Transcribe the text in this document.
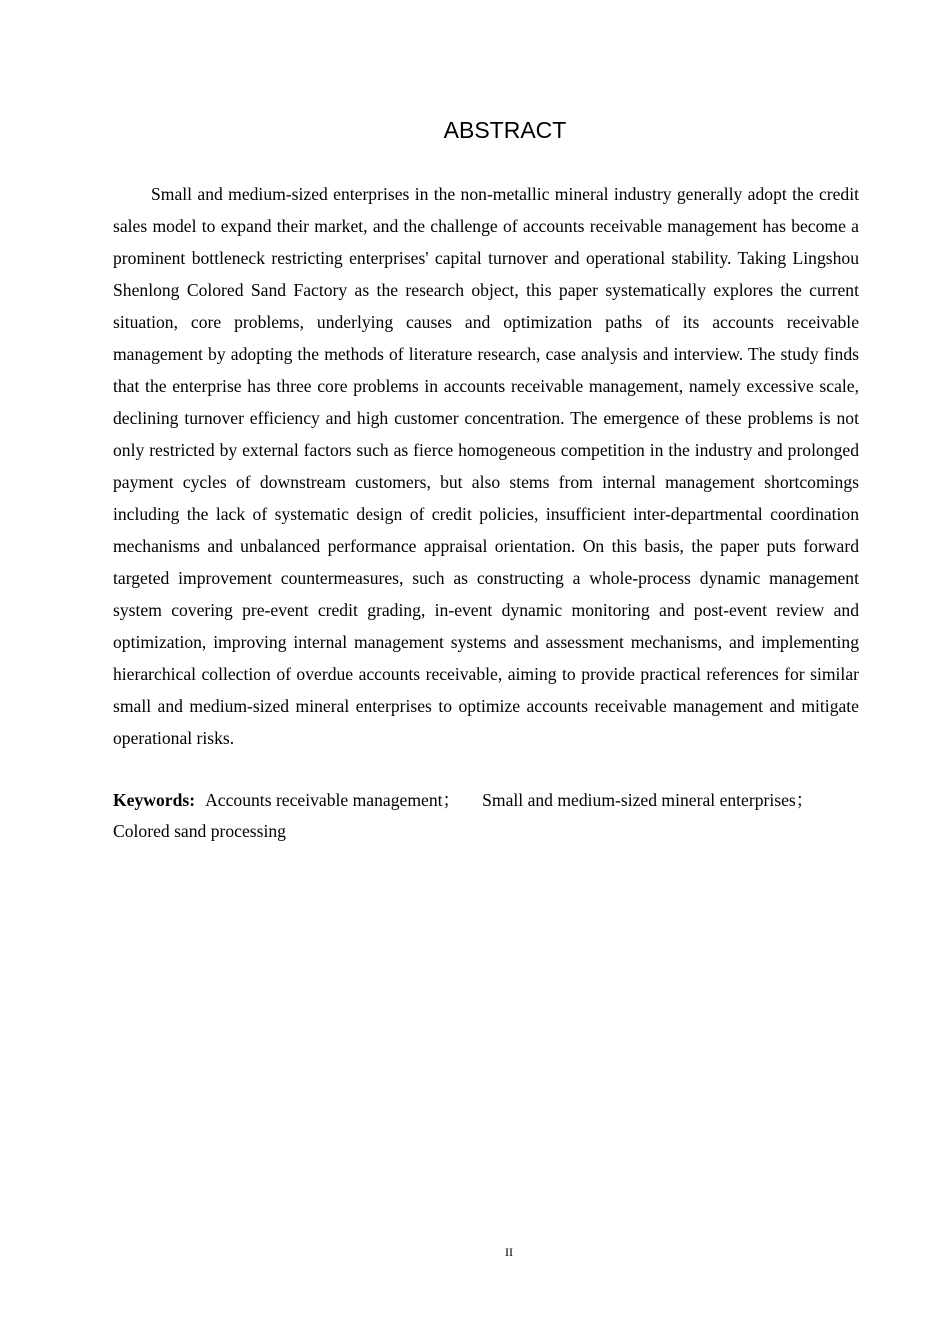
ABSTRACT

Small and medium-sized enterprises in the non-metallic mineral industry generally adopt the credit sales model to expand their market, and the challenge of accounts receivable management has become a prominent bottleneck restricting enterprises' capital turnover and operational stability. Taking Lingshou Shenlong Colored Sand Factory as the research object, this paper systematically explores the current situation, core problems, underlying causes and optimization paths of its accounts receivable management by adopting the methods of literature research, case analysis and interview. The study finds that the enterprise has three core problems in accounts receivable management, namely excessive scale, declining turnover efficiency and high customer concentration. The emergence of these problems is not only restricted by external factors such as fierce homogeneous competition in the industry and prolonged payment cycles of downstream customers, but also stems from internal management shortcomings including the lack of systematic design of credit policies, insufficient inter-departmental coordination mechanisms and unbalanced performance appraisal orientation. On this basis, the paper puts forward targeted improvement countermeasures, such as constructing a whole-process dynamic management system covering pre-event credit grading, in-event dynamic monitoring and post-event review and optimization, improving internal management systems and assessment mechanisms, and implementing hierarchical collection of overdue accounts receivable, aiming to provide practical references for similar small and medium-sized mineral enterprises to optimize accounts receivable management and mitigate operational risks.

Keywords: Accounts receivable management； Small and medium-sized mineral enterprises；
Colored sand processing

II
